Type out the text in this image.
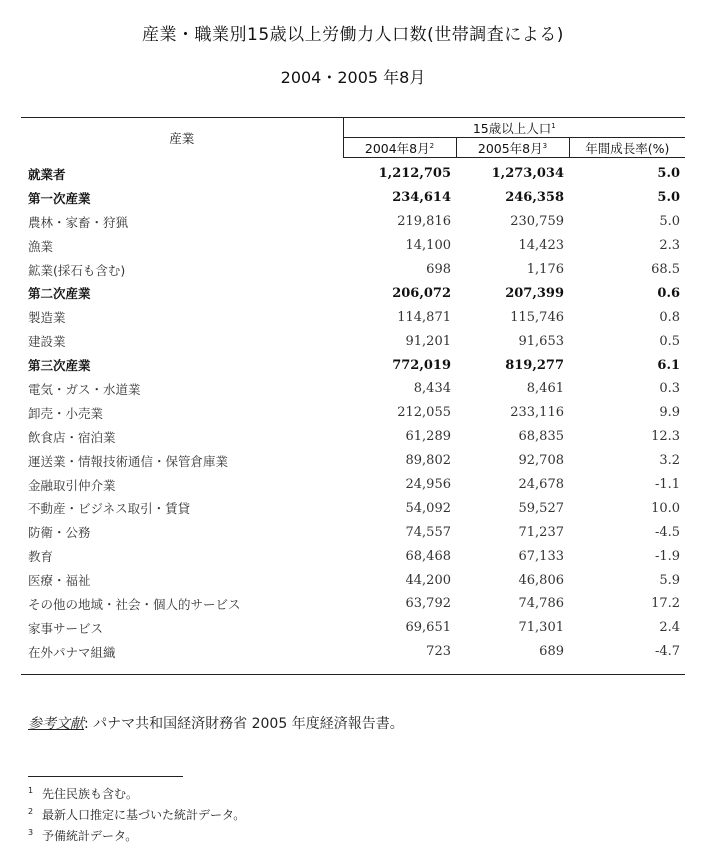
産業・職業別15歳以上労働力人口数(世帯調査による)
2004・2005 年8月
産業	15歳以上人口$^1$
	2004年8月$^2$	2005年8月$^3$	年間成長率(%)
就業者	1,212,705	1,273,034	5.0
第一次産業	234,614	246,358	5.0
農林・家畜・狩猟	219,816	230,759	5.0
漁業	14,100	14,423	2.3
鉱業(採石も含む)	698	1,176	68.5
第二次産業	206,072	207,399	0.6
製造業	114,871	115,746	0.8
建設業	91,201	91,653	0.5
第三次産業	772,019	819,277	6.1
電気・ガス・水道業	8,434	8,461	0.3
卸売・小売業	212,055	233,116	9.9
飲食店・宿泊業	61,289	68,835	12.3
運送業・情報技術通信・保管倉庫業	89,802	92,708	3.2
金融取引仲介業	24,956	24,678	-1.1
不動産・ビジネス取引・賃貸	54,092	59,527	10.0
防衛・公務	74,557	71,237	-4.5
教育	68,468	67,133	-1.9
医療・福祉	44,200	46,806	5.9
その他の地域・社会・個人的サービス	63,792	74,786	17.2
家事サービス	69,651	71,301	2.4
在外パナマ組織	723	689	-4.7
参考文献: パナマ共和国経済財務省 2005 年度経済報告書。
1 先住民族も含む。
2 最新人口推定に基づいた統計データ。
3 予備統計データ。
